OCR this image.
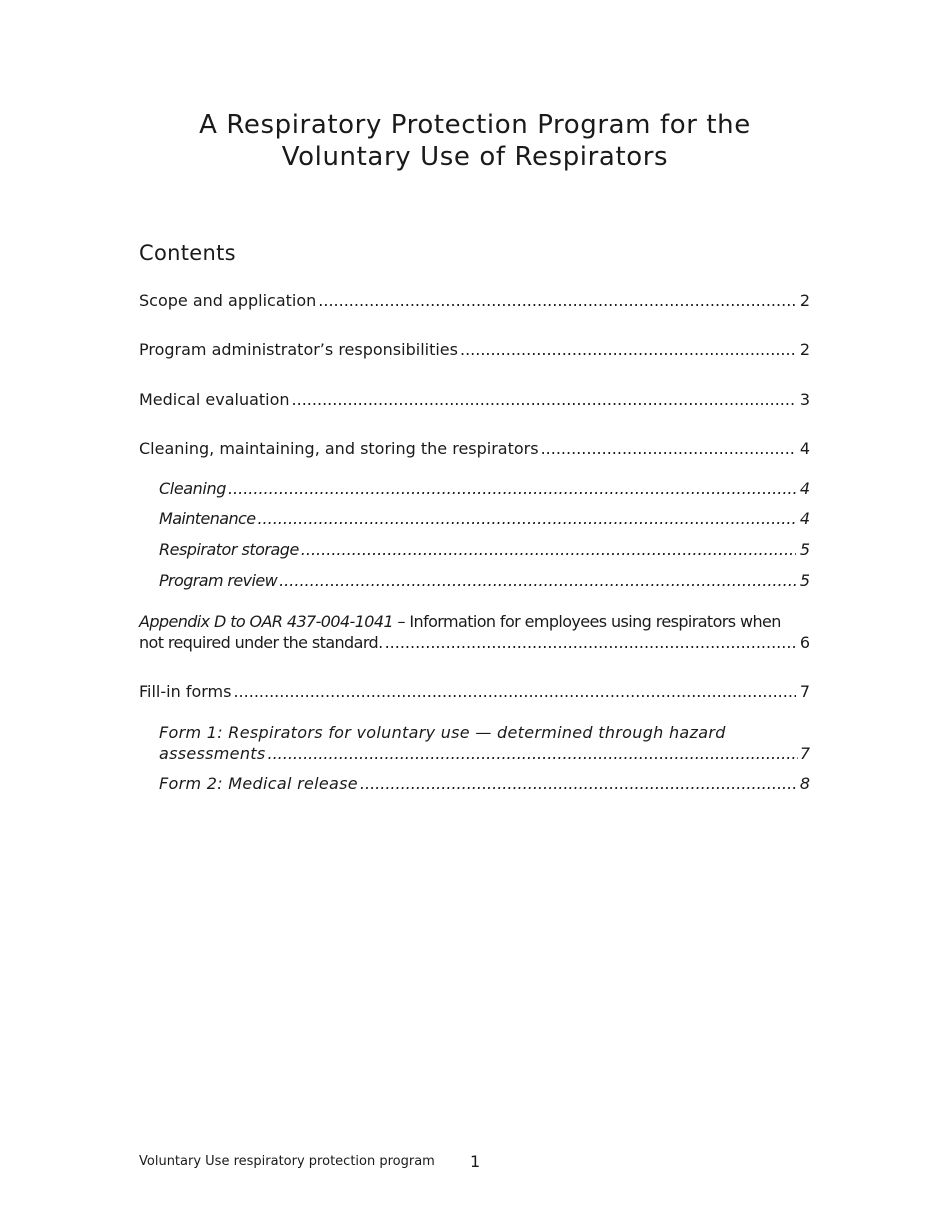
A Respiratory Protection Program for the
Voluntary Use of Respirators
Contents
Scope and application .....	2
Program administrator’s responsibilities .....	2
Medical evaluation .....	3
Cleaning, maintaining, and storing the respirators .....	4
Cleaning .....	4
Maintenance .....	4
Respirator storage .....	5
Program review .....	5
Appendix D to OAR 437-004-1041 – Information for employees using respirators when
not required under the standard. .....	6
Fill-in forms .....	7
Form 1: Respirators for voluntary use — determined through hazard
assessments .....	7
Form 2: Medical release .....	8
Voluntary Use respiratory protection program 1
